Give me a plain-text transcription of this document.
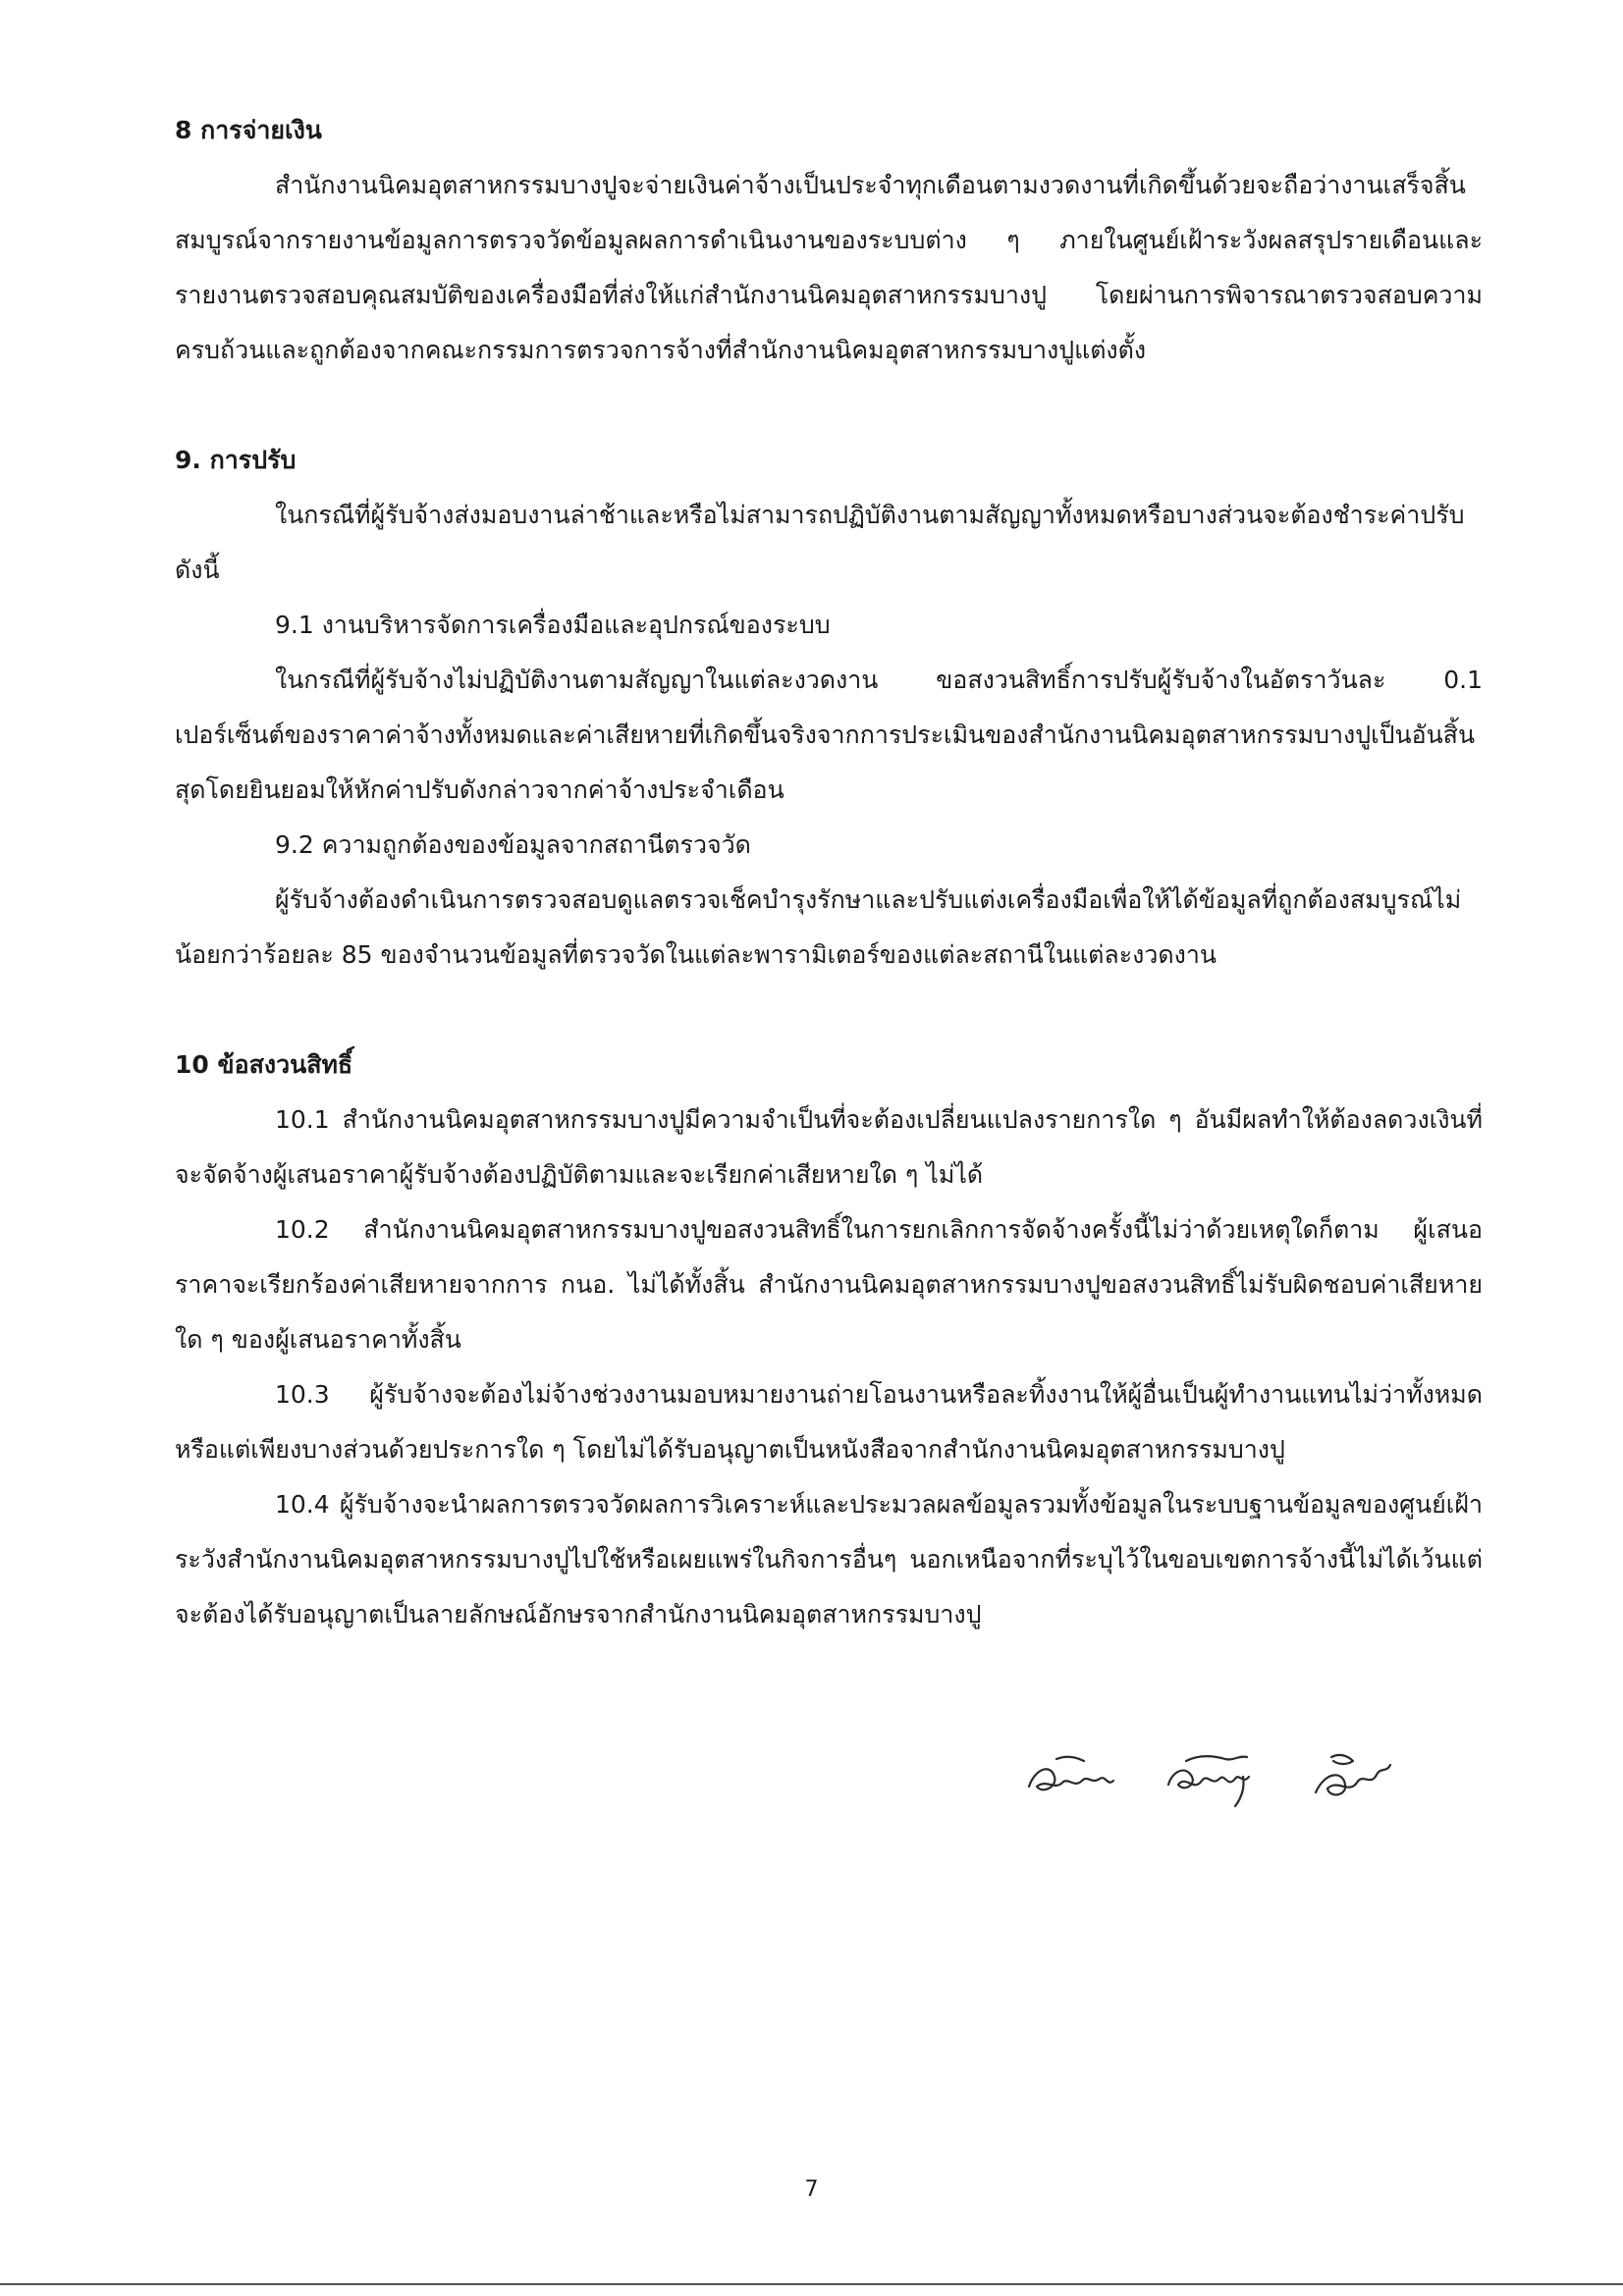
8 การจ่ายเงิน

สำนักงานนิคมอุตสาหกรรมบางปูจะจ่ายเงินค่าจ้างเป็นประจำทุกเดือนตามงวดงานที่เกิดขึ้นด้วยจะถือว่างานเสร็จสิ้นสมบูรณ์จากรายงานข้อมูลการตรวจวัดข้อมูลผลการดำเนินงานของระบบต่าง ๆ ภายในศูนย์เฝ้าระวังผลสรุปรายเดือนและรายงานตรวจสอบคุณสมบัติของเครื่องมือที่ส่งให้แก่สำนักงานนิคมอุตสาหกรรมบางปู โดยผ่านการพิจารณาตรวจสอบความครบถ้วนและถูกต้องจากคณะกรรมการตรวจการจ้างที่สำนักงานนิคมอุตสาหกรรมบางปูแต่งตั้ง

9. การปรับ

ในกรณีที่ผู้รับจ้างส่งมอบงานล่าช้าและหรือไม่สามารถปฏิบัติงานตามสัญญาทั้งหมดหรือบางส่วนจะต้องชำระค่าปรับดังนี้

9.1 งานบริหารจัดการเครื่องมือและอุปกรณ์ของระบบ

ในกรณีที่ผู้รับจ้างไม่ปฏิบัติงานตามสัญญาในแต่ละงวดงาน ขอสงวนสิทธิ์การปรับผู้รับจ้างในอัตราวันละ 0.1 เปอร์เซ็นต์ของราคาค่าจ้างทั้งหมดและค่าเสียหายที่เกิดขึ้นจริงจากการประเมินของสำนักงานนิคมอุตสาหกรรมบางปูเป็นอันสิ้นสุดโดยยินยอมให้หักค่าปรับดังกล่าวจากค่าจ้างประจำเดือน

9.2 ความถูกต้องของข้อมูลจากสถานีตรวจวัด

ผู้รับจ้างต้องดำเนินการตรวจสอบดูแลตรวจเช็คบำรุงรักษาและปรับแต่งเครื่องมือเพื่อให้ได้ข้อมูลที่ถูกต้องสมบูรณ์ไม่น้อยกว่าร้อยละ 85 ของจำนวนข้อมูลที่ตรวจวัดในแต่ละพารามิเตอร์ของแต่ละสถานีในแต่ละงวดงาน

10 ข้อสงวนสิทธิ์

10.1 สำนักงานนิคมอุตสาหกรรมบางปูมีความจำเป็นที่จะต้องเปลี่ยนแปลงรายการใด ๆ อันมีผลทำให้ต้องลดวงเงินที่จะจัดจ้างผู้เสนอราคาผู้รับจ้างต้องปฏิบัติตามและจะเรียกค่าเสียหายใด ๆ ไม่ได้

10.2 สำนักงานนิคมอุตสาหกรรมบางปูขอสงวนสิทธิ์ในการยกเลิกการจัดจ้างครั้งนี้ไม่ว่าด้วยเหตุใดก็ตาม ผู้เสนอราคาจะเรียกร้องค่าเสียหายจากการ กนอ. ไม่ได้ทั้งสิ้น สำนักงานนิคมอุตสาหกรรมบางปูขอสงวนสิทธิ์ไม่รับผิดชอบค่าเสียหายใด ๆ ของผู้เสนอราคาทั้งสิ้น

10.3 ผู้รับจ้างจะต้องไม่จ้างช่วงงานมอบหมายงานถ่ายโอนงานหรือละทิ้งงานให้ผู้อื่นเป็นผู้ทำงานแทนไม่ว่าทั้งหมดหรือแต่เพียงบางส่วนด้วยประการใด ๆ โดยไม่ได้รับอนุญาตเป็นหนังสือจากสำนักงานนิคมอุตสาหกรรมบางปู

10.4 ผู้รับจ้างจะนำผลการตรวจวัดผลการวิเคราะห์และประมวลผลข้อมูลรวมทั้งข้อมูลในระบบฐานข้อมูลของศูนย์เฝ้าระวังสำนักงานนิคมอุตสาหกรรมบางปูไปใช้หรือเผยแพร่ในกิจการอื่นๆ นอกเหนือจากที่ระบุไว้ในขอบเขตการจ้างนี้ไม่ได้เว้นแต่จะต้องได้รับอนุญาตเป็นลายลักษณ์อักษรจากสำนักงานนิคมอุตสาหกรรมบางปู

7
